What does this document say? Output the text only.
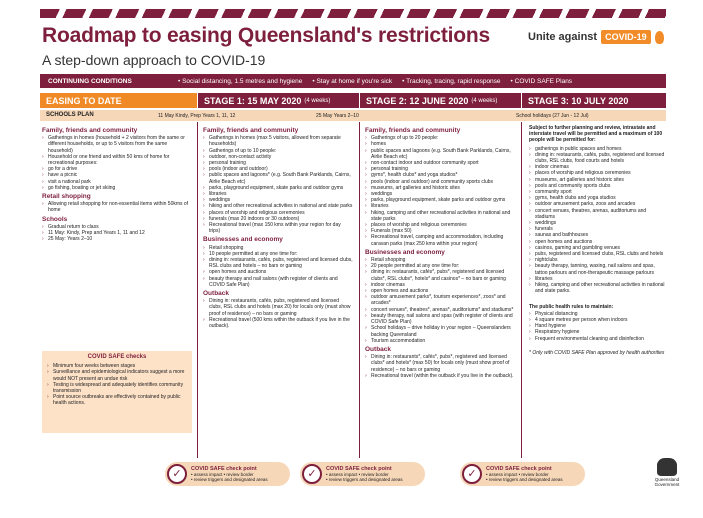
Roadmap to easing Queensland's restrictions
A step-down approach to COVID-19
Unite against COVID-19
CONTINUING CONDITIONS	• Social distancing, 1.5 metres and hygiene • Stay at home if you're sick • Tracking, tracing, rapid response • COVID SAFE Plans
EASING TO DATE	STAGE 1: 15 MAY 2020 (4 weeks)	STAGE 2: 12 JUNE 2020 (4 weeks)	STAGE 3: 10 JULY 2020
SCHOOLS PLAN	11 May Kindy, Prep Years 1, 11, 12	25 May Years 2–10	School holidays (27 Jun - 12 Jul)
Family, friends and community
› Gatherings in homes (household + 2 visitors from the same or different households, or up to 5 visitors from the same household)
› Household or one friend and within 50 kms of home for recreational purposes:
› go for a drive
› have a picnic
› visit a national park
› go fishing, boating or jet skiing
Retail shopping
› Allowing retail shopping for non-essential items within 50kms of home
Schools
› Gradual return to class
› 11 May: Kindy, Prep and Years 1, 11 and 12
› 25 May: Years 2–10
COVID SAFE checks
› Minimum four weeks between stages
› Surveillance and epidemiological indicators suggest a more would NOT present an undue risk
› Testing is widespread and adequately identifies community transmission
› Point source outbreaks are effectively contained by public health actions.
Family, friends and community
› Gatherings in homes (max 5 visitors, allowed from separate households)
› Gatherings of up to 10 people:
› outdoor, non-contact activity
› personal training
› pools (indoor and outdoor)
› public spaces and lagoons* (e.g. South Bank Parklands, Cairns, Airlie Beach etc)
› parks, playground equipment, skate parks and outdoor gyms
› libraries
› weddings
› hiking and other recreational activities in national and state parks
› places of worship and religious ceremonies
› funerals (max 20 indoors or 30 outdoors)
› Recreational travel (max 150 kms within your region for day trips)
Businesses and economy
› Retail shopping
› 10 people permitted at any one time for:
› dining in: restaurants, cafés, pubs, registered and licensed clubs, RSL clubs and hotels – no bars or gaming
› open homes and auctions
› beauty therapy and nail salons (with register of clients and COVID Safe Plan)
Outback
› Dining in: restaurants, cafés, pubs, registered and licensed clubs, RSL clubs and hotels (max 20) for locals only (must show proof of residence) – no bars or gaming
› Recreational travel (500 kms within the outback if you live in the outback).
Family, friends and community
› Gatherings of up to 20 people:
› homes
› public spaces and lagoons (e.g. South Bank Parklands, Cairns, Airlie Beach etc)
› non-contact indoor and outdoor community sport
› personal training
› gyms*, health clubs* and yoga studios*
› pools (indoor and outdoor) and community sports clubs
› museums, art galleries and historic sites
› weddings
› parks, playground equipment, skate parks and outdoor gyms
› libraries
› hiking, camping and other recreational activities in national and state parks
› places of worship and religious ceremonies
› Funerals (max 50)
› Recreational travel, camping and accommodation, including caravan parks (max 250 kms within your region)
Businesses and economy
› Retail shopping
› 20 people permitted at any one time for:
› dining in: restaurants, cafés*, pubs*, registered and licensed clubs*, RSL clubs*, hotels* and casinos* – no bars or gaming
› indoor cinemas
› open homes and auctions
› outdoor amusement parks*, tourism experiences*, zoos* and arcades*
› concert venues*, theatres*, arenas*, auditoriums* and stadiums*
› beauty therapy, nail salons and spas (with register of clients and COVID Safe Plan)
› School holidays – drive holiday in your region – Queenslanders backing Queensland
› Tourism accommodation
Outback
› Dining in: restaurants*, cafés*, pubs*, registered and licensed clubs* and hotels* (max 50) for locals only (must show proof of residence) – no bars or gaming
› Recreational travel (within the outback if you live in the outback).
Subject to further planning and review, intrastate and interstate travel will be permitted and a maximum of 100 people will be permitted for:
› gatherings in public spaces and homes
› dining in: restaurants, cafés, pubs, registered and licensed clubs, RSL clubs, food courts and hotels
› indoor cinemas
› places of worship and religious ceremonies
› museums, art galleries and historic sites
› pools and community sports clubs
› community sport
› gyms, health clubs and yoga studios
› outdoor amusement parks, zoos and arcades
› concert venues, theatres, arenas, auditoriums and stadiums
› weddings
› funerals
› saunas and bathhouses
› open homes and auctions
› casinos, gaming and gambling venues
› pubs, registered and licensed clubs, RSL clubs and hotels
› nightclubs
› beauty therapy, tanning, waxing, nail salons and spas, tattoo parlours and non-therapeutic massage parlours
› libraries
› hiking, camping and other recreational activities in national and state parks.
The public health rules to maintain:
› Physical distancing
› 4 square metres per person when indoors
› Hand hygiene
› Respiratory hygiene
› Frequent environmental cleaning and disinfection
* Only with COVID SAFE Plan approved by health authorities
✓	COVID SAFE check point
• assess impact • review border
• review triggers and designated areas	✓	COVID SAFE check point
• assess impact • review border
• review triggers and designated areas	✓	COVID SAFE check point
• assess impact • review border
• review triggers and designated areas	Queensland Government
